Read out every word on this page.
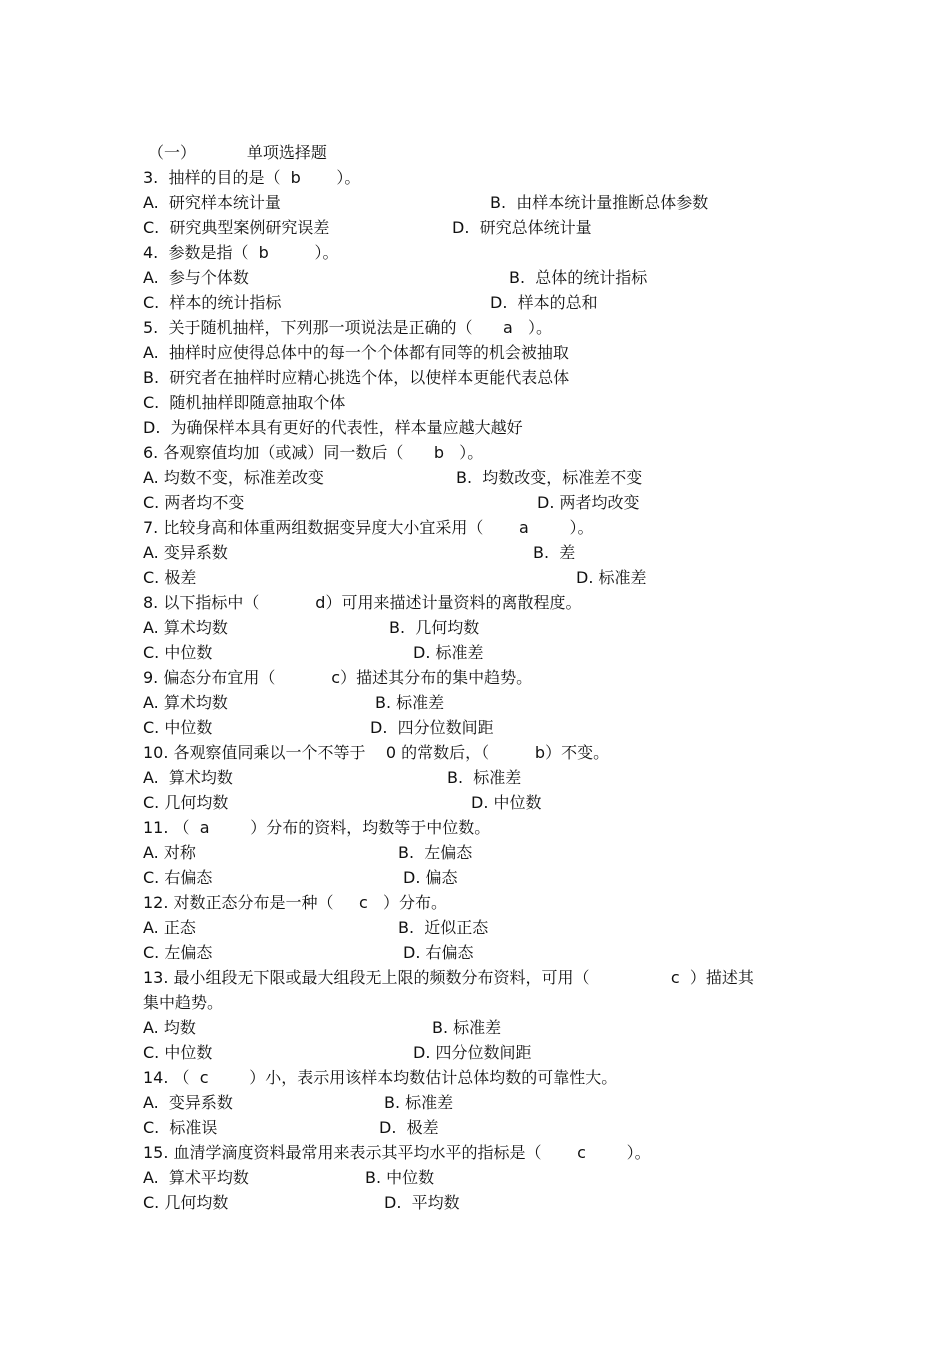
（一）          单项选择题
3.  抽样的目的是（  b       ）。
A.  研究样本统计量	B.  由样本统计量推断总体参数
C.  研究典型案例研究误差	D.  研究总体统计量
4.  参数是指（  b         ）。
A.  参与个体数	B.  总体的统计指标
C.  样本的统计指标	D.  样本的总和
5.  关于随机抽样，下列那一项说法是正确的（      a   ）。
A.  抽样时应使得总体中的每一个个体都有同等的机会被抽取
B.  研究者在抽样时应精心挑选个体，以使样本更能代表总体
C.  随机抽样即随意抽取个体
D.  为确保样本具有更好的代表性，样本量应越大越好
6. 各观察值均加（或减）同一数后（      b   ）。
A. 均数不变，标准差改变	B.  均数改变，标准差不变
C. 两者均不变	D. 两者均改变
7. 比较身高和体重两组数据变异度大小宜采用（       a        ）。
A. 变异系数	B.  差
C. 极差	D. 标准差
8. 以下指标中（           d）可用来描述计量资料的离散程度。
A. 算术均数	B.  几何均数
C. 中位数	D. 标准差
9. 偏态分布宜用（           c）描述其分布的集中趋势。
A. 算术均数	B. 标准差
C. 中位数	D.  四分位数间距
10. 各观察值同乘以一个不等于    0 的常数后，（         b）不变。
A.  算术均数	B.  标准差
C. 几何均数	D. 中位数
11. （  a        ）分布的资料，均数等于中位数。
A. 对称	B.  左偏态
C. 右偏态	D. 偏态
12. 对数正态分布是一种（     c   ）分布。
A. 正态	B.  近似正态
C. 左偏态	D. 右偏态
13. 最小组段无下限或最大组段无上限的频数分布资料，可用（                c  ）描述其
集中趋势。
A. 均数	B. 标准差
C. 中位数	D. 四分位数间距
14. （  c        ）小，表示用该样本均数估计总体均数的可靠性大。
A.  变异系数	B. 标准差
C.  标准误	D.  极差
15. 血清学滴度资料最常用来表示其平均水平的指标是（       c        ）。
A.  算术平均数	B. 中位数
C. 几何均数	D.  平均数
